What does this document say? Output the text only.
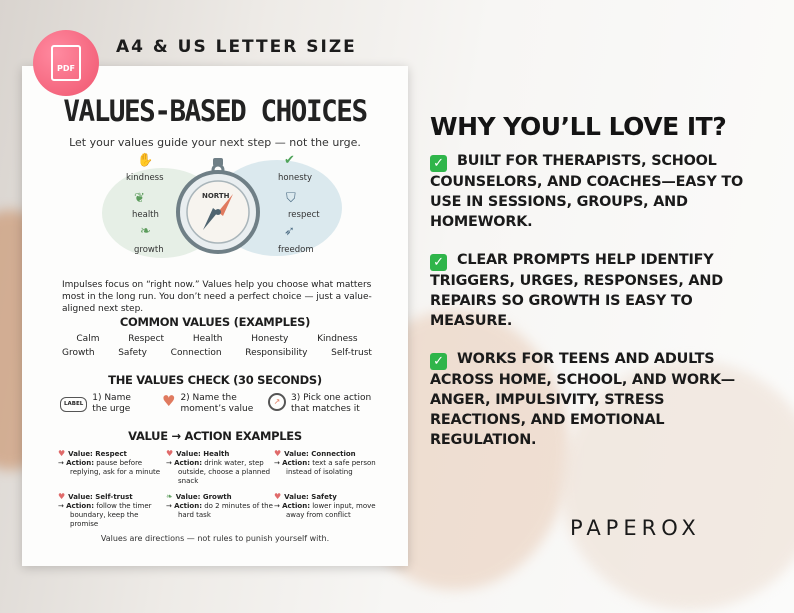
VALUES-BASED CHOICES
Let your values guide your next step — not the urge.
NORTH
✋
kindness
❦
health
❧
growth
✔
honesty
⛉
respect
➶
freedom
Impulses focus on “right now.” Values help you choose what matters most in the long run. You don’t need a perfect choice — just a value-aligned next step.
COMMON VALUES (EXAMPLES)
Calm	Respect	Health	Honesty	Kindness
Growth	Safety	Connection	Responsibility	Self-trust
THE VALUES CHECK (30 SECONDS)
LABEL
1) Name
the urge ♥ 2) Name the
moment’s value
↗	3) Pick one action
that matches it
VALUE → ACTION EXAMPLES
♥ Value: Respect
→ Action: pause before replying, ask for a minute
♥ Value: Health
→ Action: drink water, step outside, choose a planned snack
♥ Value: Connection
→ Action: text a safe person instead of isolating
♥ Value: Self-trust
→ Action: follow the timer boundary, keep the promise
❧ Value: Growth
→ Action: do 2 minutes of the hard task
♥ Value: Safety
→ Action: lower input, move away from conflict
Values are directions — not rules to punish yourself with.
PDF
A4 & US LETTER SIZE
WHY YOU’LL LOVE IT?
✓ BUILT FOR THERAPISTS, SCHOOL COUNSELORS, AND COACHES—EASY TO USE IN SESSIONS, GROUPS, AND HOMEWORK.
✓ CLEAR PROMPTS HELP IDENTIFY TRIGGERS, URGES, RESPONSES, AND REPAIRS SO GROWTH IS EASY TO MEASURE.
✓ WORKS FOR TEENS AND ADULTS ACROSS HOME, SCHOOL, AND WORK—ANGER, IMPULSIVITY, STRESS REACTIONS, AND EMOTIONAL REGULATION.
PAPEROX
